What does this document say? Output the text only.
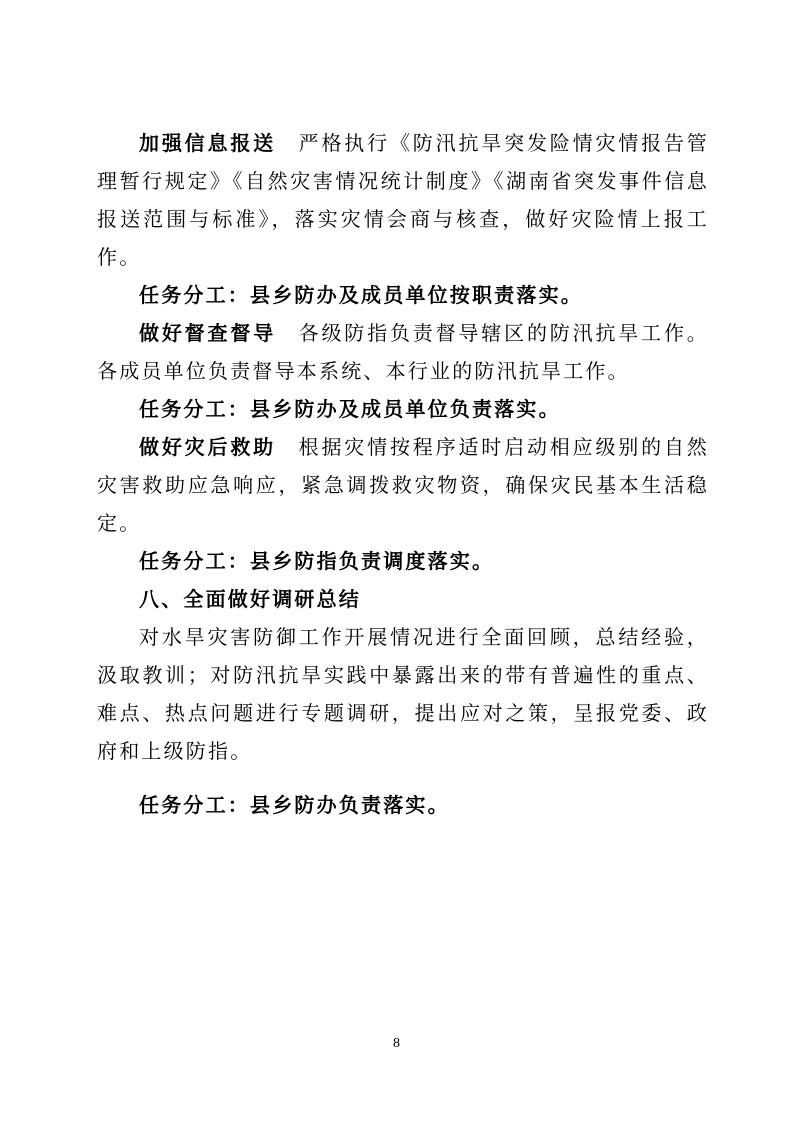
加强信息报送 严格执行《防汛抗旱突发险情灾情报告管理暂行规定》《自然灾害情况统计制度》《湖南省突发事件信息报送范围与标准》，落实灾情会商与核查，做好灾险情上报工作。

任务分工：县乡防办及成员单位按职责落实。

做好督查督导 各级防指负责督导辖区的防汛抗旱工作。各成员单位负责督导本系统、本行业的防汛抗旱工作。

任务分工：县乡防办及成员单位负责落实。

做好灾后救助 根据灾情按程序适时启动相应级别的自然灾害救助应急响应，紧急调拨救灾物资，确保灾民基本生活稳定。

任务分工：县乡防指负责调度落实。

八、全面做好调研总结

对水旱灾害防御工作开展情况进行全面回顾，总结经验，汲取教训；对防汛抗旱实践中暴露出来的带有普遍性的重点、难点、热点问题进行专题调研，提出应对之策，呈报党委、政府和上级防指。

任务分工：县乡防办负责落实。

8
